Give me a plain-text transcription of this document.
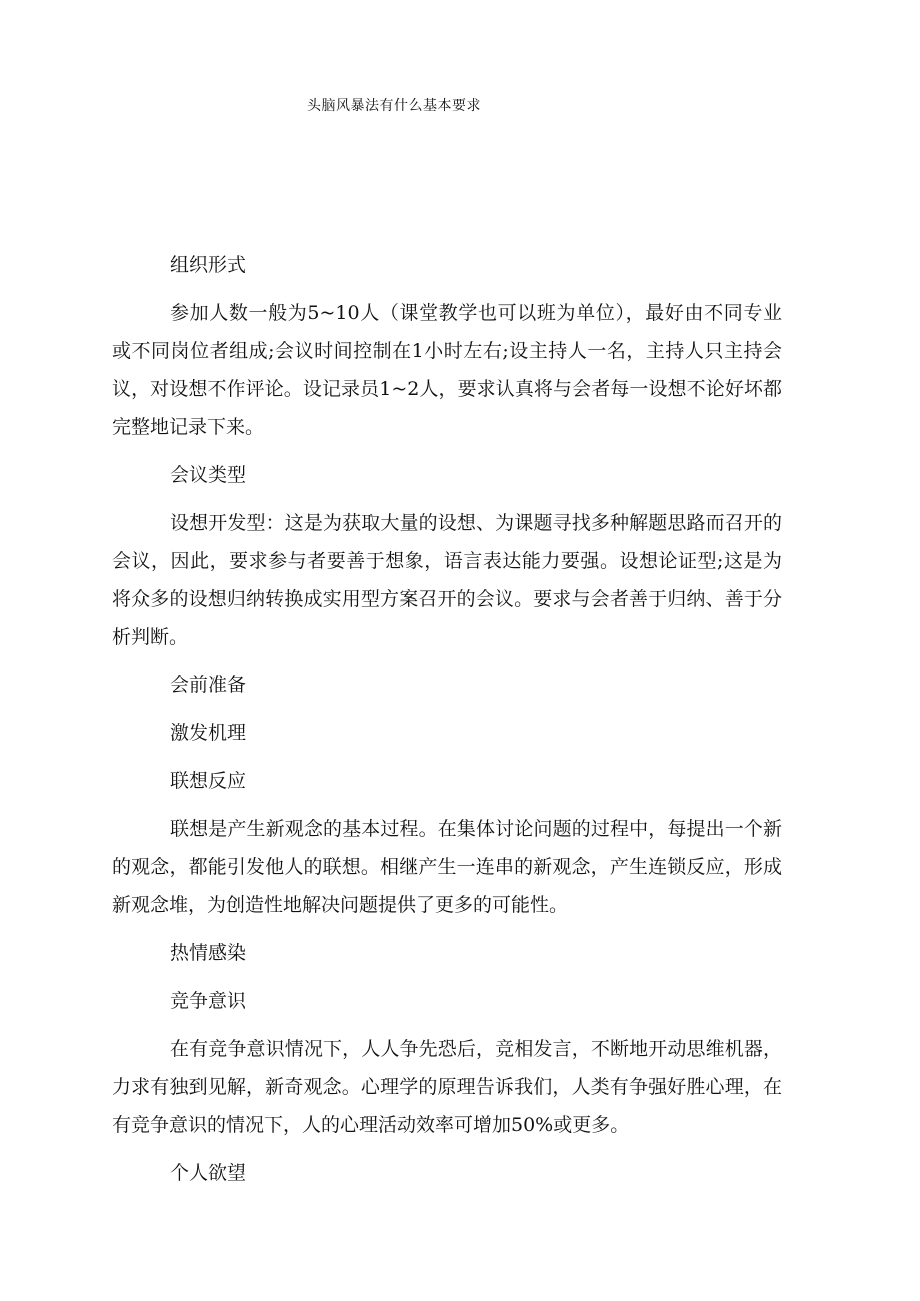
头脑风暴法有什么基本要求

组织形式

参加人数一般为5~10人（课堂教学也可以班为单位），最好由不同专业或不同岗位者组成;会议时间控制在1小时左右;设主持人一名，主持人只主持会议，对设想不作评论。设记录员1~2人，要求认真将与会者每一设想不论好坏都完整地记录下来。

会议类型

设想开发型：这是为获取大量的设想、为课题寻找多种解题思路而召开的会议，因此，要求参与者要善于想象，语言表达能力要强。设想论证型;这是为将众多的设想归纳转换成实用型方案召开的会议。要求与会者善于归纳、善于分析判断。

会前准备

激发机理

联想反应

联想是产生新观念的基本过程。在集体讨论问题的过程中，每提出一个新的观念，都能引发他人的联想。相继产生一连串的新观念，产生连锁反应，形成新观念堆，为创造性地解决问题提供了更多的可能性。

热情感染

竞争意识

在有竞争意识情况下，人人争先恐后，竞相发言，不断地开动思维机器，力求有独到见解，新奇观念。心理学的原理告诉我们，人类有争强好胜心理，在有竞争意识的情况下，人的心理活动效率可增加50%或更多。

个人欲望
